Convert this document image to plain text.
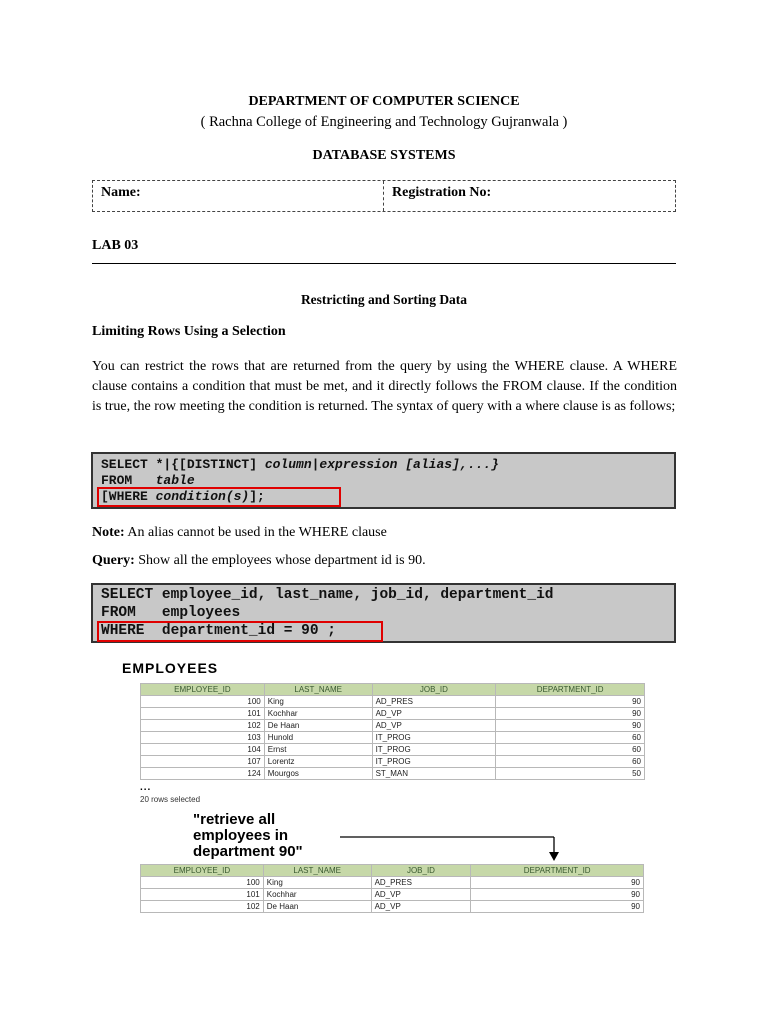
DEPARTMENT OF COMPUTER SCIENCE
( Rachna College of Engineering and Technology Gujranwala )
DATABASE SYSTEMS
Name:	Registration No:
LAB 03
Restricting and Sorting Data
Limiting Rows Using a Selection
You can restrict the rows that are returned from the query by using the WHERE clause. A WHERE clause contains a condition that must be met, and it directly follows the FROM clause. If the condition is true, the row meeting the condition is returned. The syntax of query with a where clause is as follows;
SELECT *|{[DISTINCT] column|expression [alias],...}
FROM   table
[WHERE condition(s)];
Note: An alias cannot be used in the WHERE clause
Query: Show all the employees whose department id is 90.
SELECT employee_id, last_name, job_id, department_id
FROM   employees
WHERE  department_id = 90 ;
EMPLOYEES
EMPLOYEE_ID	LAST_NAME	JOB_ID	DEPARTMENT_ID
100	King	AD_PRES	90
101	Kochhar	AD_VP	90
102	De Haan	AD_VP	90
103	Hunold	IT_PROG	60
104	Ernst	IT_PROG	60
107	Lorentz	IT_PROG	60
124	Mourgos	ST_MAN	50
...
20 rows selected
"retrieve all
employees in
department 90"
EMPLOYEE_ID	LAST_NAME	JOB_ID	DEPARTMENT_ID
100	King	AD_PRES	90
101	Kochhar	AD_VP	90
102	De Haan	AD_VP	90
